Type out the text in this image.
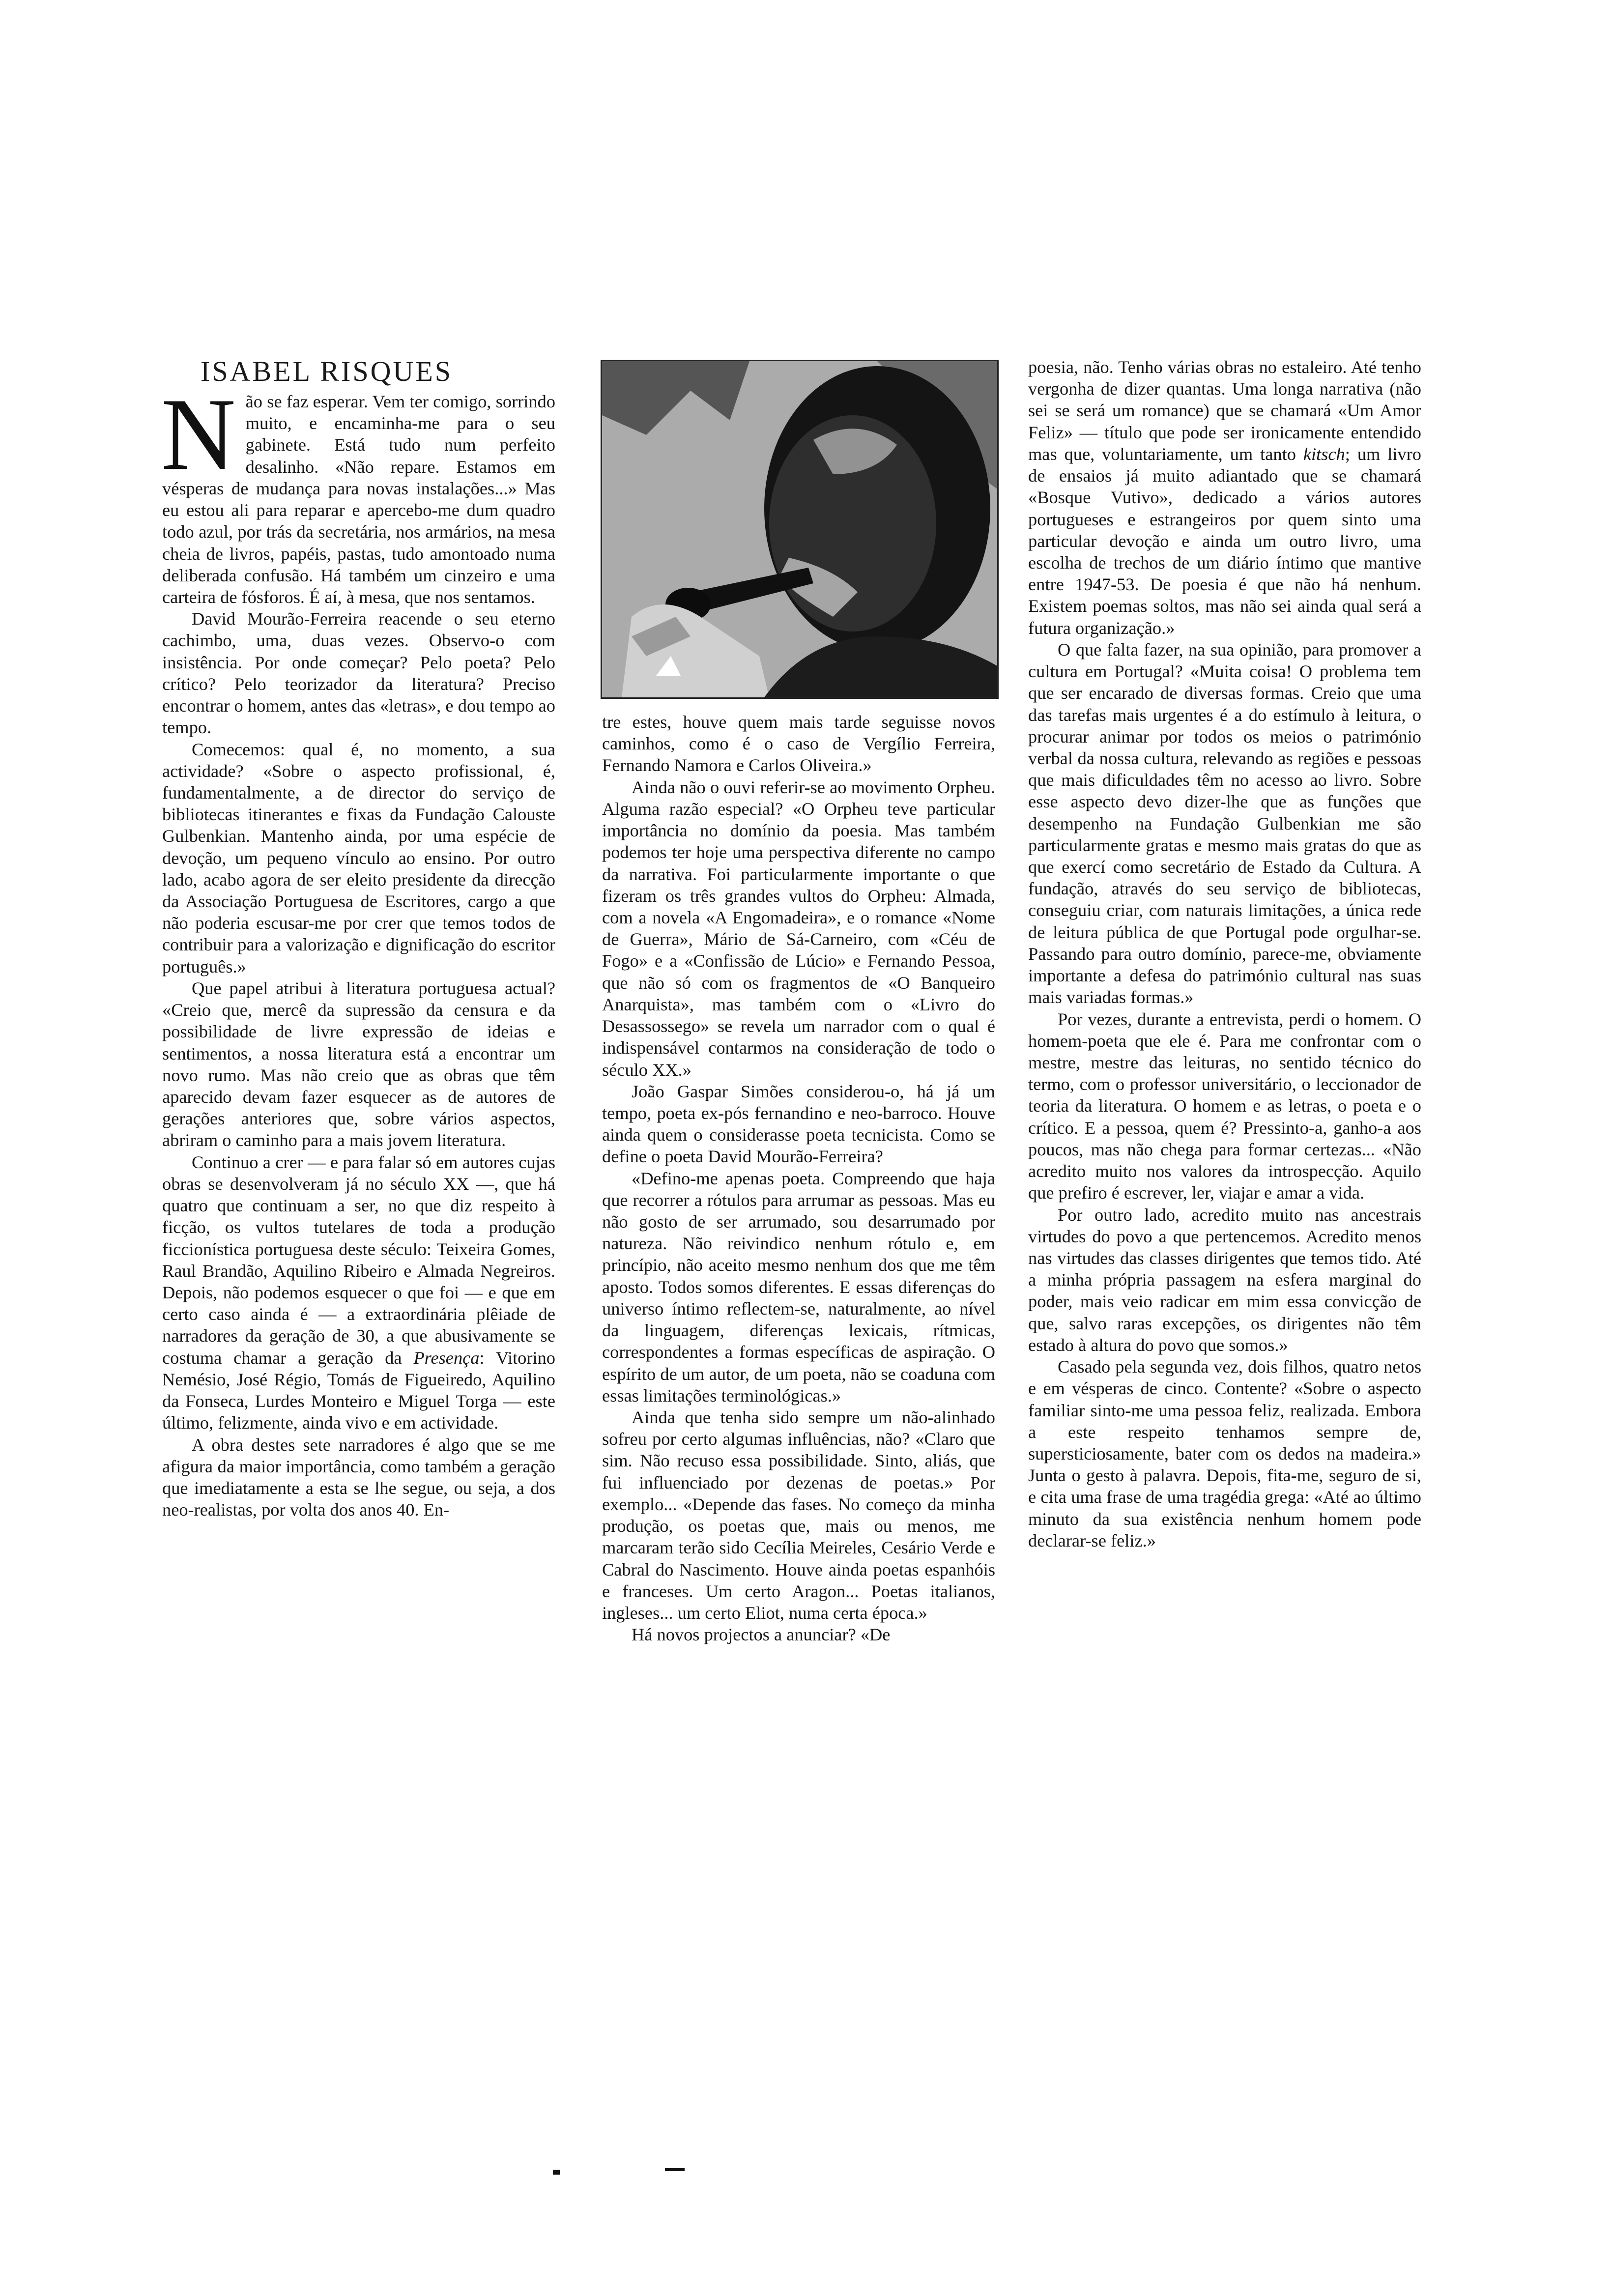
ISABEL RISQUES

Não se faz esperar. Vem ter comigo, sorrindo muito, e encaminha-me para o seu gabinete. Está tudo num perfeito desalinho. «Não repare. Estamos em vésperas de mudança para novas instalações...» Mas eu estou ali para reparar e apercebo-me dum quadro todo azul, por trás da secretária, nos armários, na mesa cheia de livros, papéis, pastas, tudo amontoado numa deliberada confusão. Há também um cinzeiro e uma carteira de fósforos. É aí, à mesa, que nos sentamos.

David Mourão-Ferreira reacende o seu eterno cachimbo, uma, duas vezes. Observo-o com insistência. Por onde começar? Pelo poeta? Pelo crítico? Pelo teorizador da literatura? Preciso encontrar o homem, antes das «letras», e dou tempo ao tempo.

Comecemos: qual é, no momento, a sua actividade? «Sobre o aspecto profissional, é, fundamentalmente, a de director do serviço de bibliotecas itinerantes e fixas da Fundação Calouste Gulbenkian. Mantenho ainda, por uma espécie de devoção, um pequeno vínculo ao ensino. Por outro lado, acabo agora de ser eleito presidente da direcção da Associação Portuguesa de Escritores, cargo a que não poderia escusar-me por crer que temos todos de contribuir para a valorização e dignificação do escritor português.»

Que papel atribui à literatura portuguesa actual? «Creio que, mercê da supressão da censura e da possibilidade de livre expressão de ideias e sentimentos, a nossa literatura está a encontrar um novo rumo. Mas não creio que as obras que têm aparecido devam fazer esquecer as de autores de gerações anteriores que, sobre vários aspectos, abriram o caminho para a mais jovem literatura.

Continuo a crer — e para falar só em autores cujas obras se desenvolveram já no século XX —, que há quatro que continuam a ser, no que diz respeito à ficção, os vultos tutelares de toda a produção ficcionística portuguesa deste século: Teixeira Gomes, Raul Brandão, Aquilino Ribeiro e Almada Negreiros. Depois, não podemos esquecer o que foi — e que em certo caso ainda é — a extraordinária plêiade de narradores da geração de 30, a que abusivamente se costuma chamar a geração da Presença: Vitorino Nemésio, José Régio, Tomás de Figueiredo, Aquilino da Fonseca, Lurdes Monteiro e Miguel Torga — este último, felizmente, ainda vivo e em actividade.

A obra destes sete narradores é algo que se me afigura da maior importância, como também a geração que imediatamente a esta se lhe segue, ou seja, a dos neo-realistas, por volta dos anos 40. En-

tre estes, houve quem mais tarde seguisse novos caminhos, como é o caso de Vergílio Ferreira, Fernando Namora e Carlos Oliveira.»

Ainda não o ouvi referir-se ao movimento Orpheu. Alguma razão especial? «O Orpheu teve particular importância no domínio da poesia. Mas também podemos ter hoje uma perspectiva diferente no campo da narrativa. Foi particularmente importante o que fizeram os três grandes vultos do Orpheu: Almada, com a novela «A Engomadeira», e o romance «Nome de Guerra», Mário de Sá-Carneiro, com «Céu de Fogo» e a «Confissão de Lúcio» e Fernando Pessoa, que não só com os fragmentos de «O Banqueiro Anarquista», mas também com o «Livro do Desassossego» se revela um narrador com o qual é indispensável contarmos na consideração de todo o século XX.»

João Gaspar Simões considerou-o, há já um tempo, poeta ex-pós fernandino e neo-barroco. Houve ainda quem o considerasse poeta tecnicista. Como se define o poeta David Mourão-Ferreira?

«Defino-me apenas poeta. Compreendo que haja que recorrer a rótulos para arrumar as pessoas. Mas eu não gosto de ser arrumado, sou desarrumado por natureza. Não reivindico nenhum rótulo e, em princípio, não aceito mesmo nenhum dos que me têm aposto. Todos somos diferentes. E essas diferenças do universo íntimo reflectem-se, naturalmente, ao nível da linguagem, diferenças lexicais, rítmicas, correspondentes a formas específicas de aspiração. O espírito de um autor, de um poeta, não se coaduna com essas limitações terminológicas.»

Ainda que tenha sido sempre um não-alinhado sofreu por certo algumas influências, não? «Claro que sim. Não recuso essa possibilidade. Sinto, aliás, que fui influenciado por dezenas de poetas.» Por exemplo... «Depende das fases. No começo da minha produção, os poetas que, mais ou menos, me marcaram terão sido Cecília Meireles, Cesário Verde e Cabral do Nascimento. Houve ainda poetas espanhóis e franceses. Um certo Aragon... Poetas italianos, ingleses... um certo Eliot, numa certa época.»

Há novos projectos a anunciar? «De

poesia, não. Tenho várias obras no estaleiro. Até tenho vergonha de dizer quantas. Uma longa narrativa (não sei se será um romance) que se chamará «Um Amor Feliz» — título que pode ser ironicamente entendido mas que, voluntariamente, um tanto kitsch; um livro de ensaios já muito adiantado que se chamará «Bosque Vutivo», dedicado a vários autores portugueses e estrangeiros por quem sinto uma particular devoção e ainda um outro livro, uma escolha de trechos de um diário íntimo que mantive entre 1947-53. De poesia é que não há nenhum. Existem poemas soltos, mas não sei ainda qual será a futura organização.»

O que falta fazer, na sua opinião, para promover a cultura em Portugal? «Muita coisa! O problema tem que ser encarado de diversas formas. Creio que uma das tarefas mais urgentes é a do estímulo à leitura, o procurar animar por todos os meios o património verbal da nossa cultura, relevando as regiões e pessoas que mais dificuldades têm no acesso ao livro. Sobre esse aspecto devo dizer-lhe que as funções que desempenho na Fundação Gulbenkian me são particularmente gratas e mesmo mais gratas do que as que exercí como secretário de Estado da Cultura. A fundação, através do seu serviço de bibliotecas, conseguiu criar, com naturais limitações, a única rede de leitura pública de que Portugal pode orgulhar-se. Passando para outro domínio, parece-me, obviamente importante a defesa do património cultural nas suas mais variadas formas.»

Por vezes, durante a entrevista, perdi o homem. O homem-poeta que ele é. Para me confrontar com o mestre, mestre das leituras, no sentido técnico do termo, com o professor universitário, o leccionador de teoria da literatura. O homem e as letras, o poeta e o crítico. E a pessoa, quem é? Pressinto-a, ganho-a aos poucos, mas não chega para formar certezas... «Não acredito muito nos valores da introspecção. Aquilo que prefiro é escrever, ler, viajar e amar a vida.

Por outro lado, acredito muito nas ancestrais virtudes do povo a que pertencemos. Acredito menos nas virtudes das classes dirigentes que temos tido. Até a minha própria passagem na esfera marginal do poder, mais veio radicar em mim essa convicção de que, salvo raras excepções, os dirigentes não têm estado à altura do povo que somos.»

Casado pela segunda vez, dois filhos, quatro netos e em vésperas de cinco. Contente? «Sobre o aspecto familiar sinto-me uma pessoa feliz, realizada. Embora a este respeito tenhamos sempre de, supersticiosamente, bater com os dedos na madeira.» Junta o gesto à palavra. Depois, fita-me, seguro de si, e cita uma frase de uma tragédia grega: «Até ao último minuto da sua existência nenhum homem pode declarar-se feliz.»
